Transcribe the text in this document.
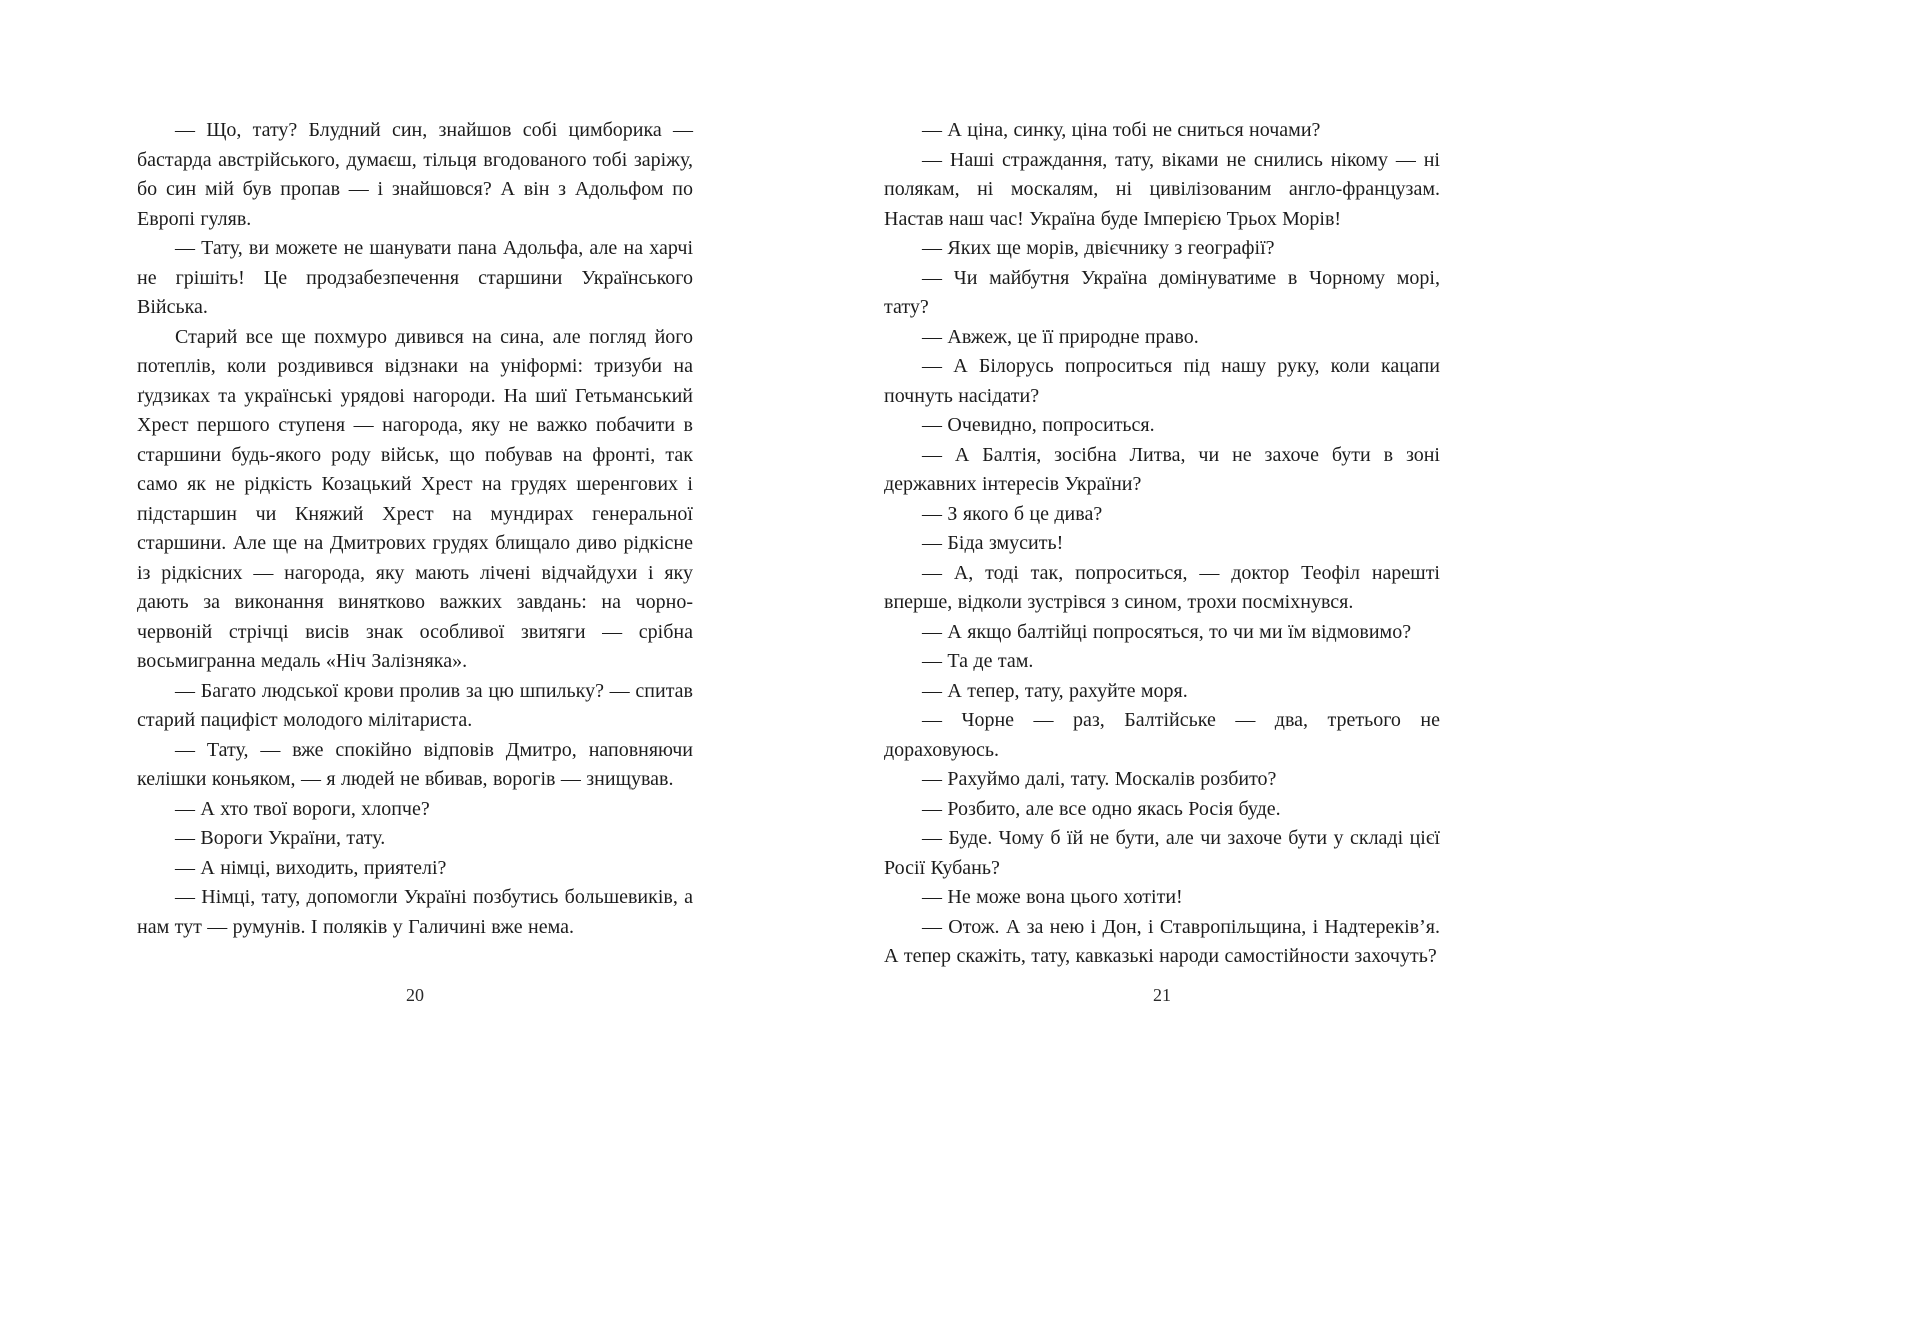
— Що, тату? Блудний син, знайшов собі цимборика — бастарда австрійського, думаєш, тільця вгодованого тобі заріжу, бо син мій був пропав — і знайшовся? А він з Адольфом по Европі гуляв.

— Тату, ви можете не шанувати пана Адольфа, але на харчі не грішіть! Це продзабезпечення старшини Українського Війська.

Старий все ще похмуро дивився на сина, але погляд його потеплів, коли роздивився відзнаки на уніформі: тризуби на ґудзиках та українські урядові нагороди. На шиї Гетьманський Хрест першого ступеня — нагорода, яку не важко побачити в старшини будь-якого роду військ, що побував на фронті, так само як не рідкість Козацький Хрест на грудях шеренгових і підстаршин чи Княжий Хрест на мундирах генеральної старшини. Але ще на Дмитрових грудях блищало диво рідкісне із рідкісних — нагорода, яку мають лічені відчайдухи і яку дають за виконання винятково важких завдань: на чорно-червоній стрічці висів знак особливої звитяги — срібна восьмигранна медаль «Ніч Залізняка».

— Багато людської крови пролив за цю шпильку? — спитав старий пацифіст молодого мілітариста.

— Тату, — вже спокійно відповів Дмитро, наповняючи келішки коньяком, — я людей не вбивав, ворогів — знищував.

— А хто твої вороги, хлопче?

— Вороги України, тату.

— А німці, виходить, приятелі?

— Німці, тату, допомогли Україні позбутись большевиків, а нам тут — румунів. І поляків у Галичині вже нема.

20

— А ціна, синку, ціна тобі не сниться ночами?

— Наші страждання, тату, віками не снились нікому — ні полякам, ні москалям, ні цивілізованим англо-французам. Настав наш час! Україна буде Імперією Трьох Морів!

— Яких ще морів, двієчнику з географії?

— Чи майбутня Україна домінуватиме в Чорному морі, тату?

— Авжеж, це її природне право.

— А Білорусь попроситься під нашу руку, коли кацапи почнуть насідати?

— Очевидно, попроситься.

— А Балтія, зосібна Литва, чи не захоче бути в зоні державних інтересів України?

— З якого б це дива?

— Біда змусить!

— А, тоді так, попроситься, — доктор Теофіл нарешті вперше, відколи зустрівся з сином, трохи посміхнувся.

— А якщо балтійці попросяться, то чи ми їм відмовимо?

— Та де там.

— А тепер, тату, рахуйте моря.

— Чорне — раз, Балтійське — два, третього не дораховуюсь.

— Рахуймо далі, тату. Москалів розбито?

— Розбито, але все одно якась Росія буде.

— Буде. Чому б їй не бути, але чи захоче бути у складі цієї Росії Кубань?

— Не може вона цього хотіти!

— Отож. А за нею і Дон, і Ставропільщина, і Надтереків’я. А тепер скажіть, тату, кавказькі народи самостійности захочуть?

21
